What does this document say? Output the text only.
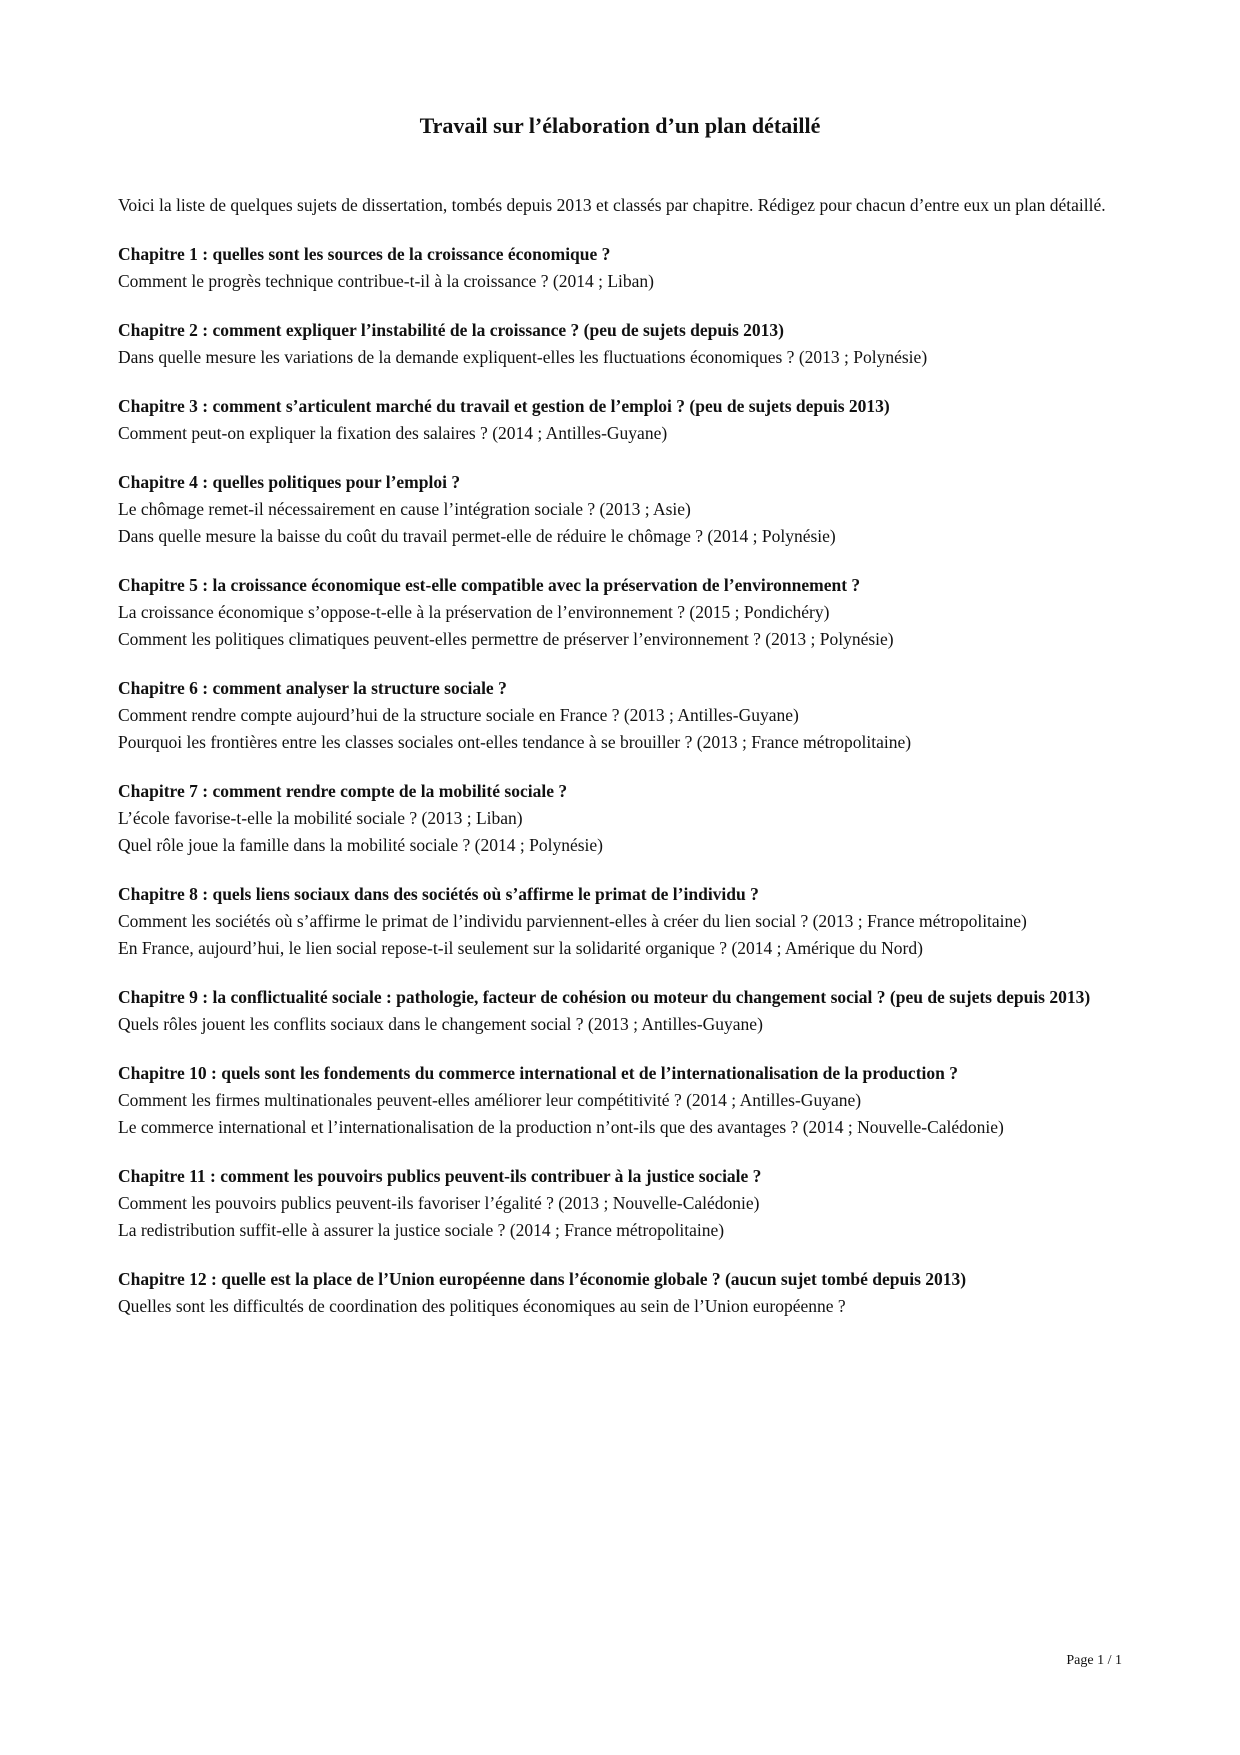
Travail sur l’élaboration d’un plan détaillé

Voici la liste de quelques sujets de dissertation, tombés depuis 2013 et classés par chapitre. Rédigez pour chacun d’entre eux un plan détaillé.

Chapitre 1 : quelles sont les sources de la croissance économique ?

Comment le progrès technique contribue-t-il à la croissance ? (2014 ; Liban)

Chapitre 2 : comment expliquer l’instabilité de la croissance ? (peu de sujets depuis 2013)

Dans quelle mesure les variations de la demande expliquent-elles les fluctuations économiques ? (2013 ; Polynésie)

Chapitre 3 : comment s’articulent marché du travail et gestion de l’emploi ? (peu de sujets depuis 2013)

Comment peut-on expliquer la fixation des salaires ? (2014 ; Antilles-Guyane)

Chapitre 4 : quelles politiques pour l’emploi ?

Le chômage remet-il nécessairement en cause l’intégration sociale ? (2013 ; Asie)

Dans quelle mesure la baisse du coût du travail permet-elle de réduire le chômage ? (2014 ; Polynésie)

Chapitre 5 : la croissance économique est-elle compatible avec la préservation de l’environnement ?

La croissance économique s’oppose-t-elle à la préservation de l’environnement ? (2015 ; Pondichéry)

Comment les politiques climatiques peuvent-elles permettre de préserver l’environnement ? (2013 ; Polynésie)

Chapitre 6 : comment analyser la structure sociale ?

Comment rendre compte aujourd’hui de la structure sociale en France ? (2013 ; Antilles-Guyane)

Pourquoi les frontières entre les classes sociales ont-elles tendance à se brouiller ? (2013 ; France métropolitaine)

Chapitre 7 : comment rendre compte de la mobilité sociale ?

L’école favorise-t-elle la mobilité sociale ? (2013 ; Liban)

Quel rôle joue la famille dans la mobilité sociale ? (2014 ; Polynésie)

Chapitre 8 : quels liens sociaux dans des sociétés où s’affirme le primat de l’individu ?

Comment les sociétés où s’affirme le primat de l’individu parviennent-elles à créer du lien social ? (2013 ; France métropolitaine)

En France, aujourd’hui, le lien social repose-t-il seulement sur la solidarité organique ? (2014 ; Amérique du Nord)

Chapitre 9 : la conflictualité sociale : pathologie, facteur de cohésion ou moteur du changement social ? (peu de sujets depuis 2013)

Quels rôles jouent les conflits sociaux dans le changement social ? (2013 ; Antilles-Guyane)

Chapitre 10 : quels sont les fondements du commerce international et de l’internationalisation de la production ?

Comment les firmes multinationales peuvent-elles améliorer leur compétitivité ? (2014 ; Antilles-Guyane)

Le commerce international et l’internationalisation de la production n’ont-ils que des avantages ? (2014 ; Nouvelle-Calédonie)

Chapitre 11 : comment les pouvoirs publics peuvent-ils contribuer à la justice sociale ?

Comment les pouvoirs publics peuvent-ils favoriser l’égalité ? (2013 ; Nouvelle-Calédonie)

La redistribution suffit-elle à assurer la justice sociale ? (2014 ; France métropolitaine)

Chapitre 12 : quelle est la place de l’Union européenne dans l’économie globale ? (aucun sujet tombé depuis 2013)

Quelles sont les difficultés de coordination des politiques économiques au sein de l’Union européenne ?

Page 1 / 1
